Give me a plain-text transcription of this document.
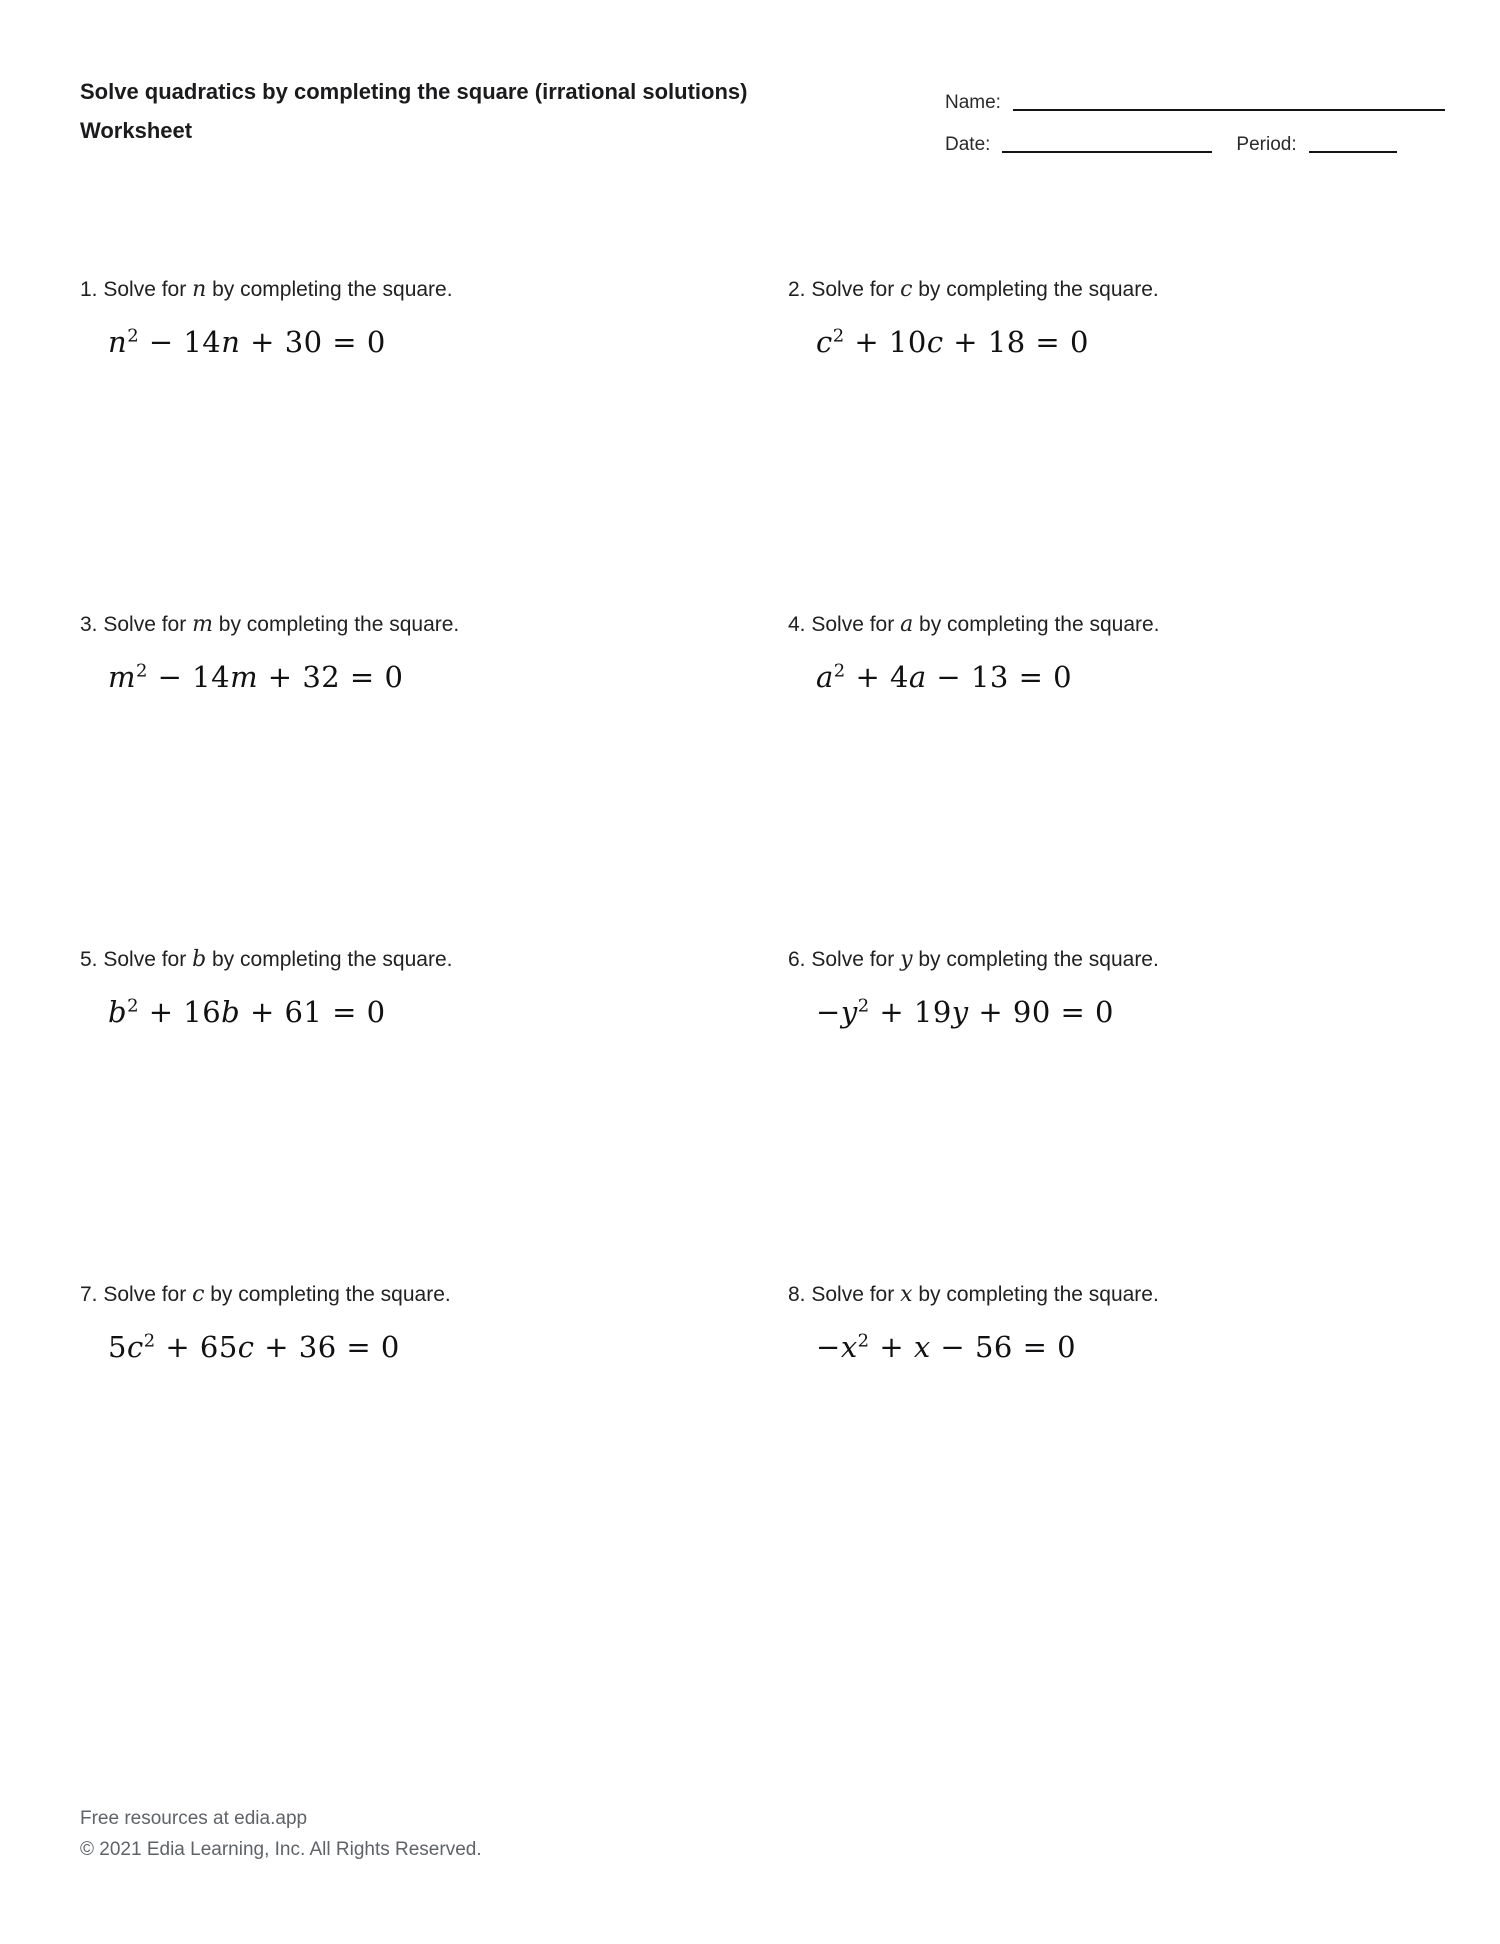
Solve quadratics by completing the square (irrational solutions)
Worksheet
Name:
Date:	Period:
1. Solve for n by completing the square.
$n^2 - 14n + 30 = 0$
2. Solve for c by completing the square.
$c^2 + 10c + 18 = 0$
3. Solve for m by completing the square.
$m^2 - 14m + 32 = 0$
4. Solve for a by completing the square.
$a^2 + 4a - 13 = 0$
5. Solve for b by completing the square.
$b^2 + 16b + 61 = 0$
6. Solve for y by completing the square.
$-y^2 + 19y + 90 = 0$
7. Solve for c by completing the square.
$5c^2 + 65c + 36 = 0$
8. Solve for x by completing the square.
$-x^2 + x - 56 = 0$
Free resources at edia.app
© 2021 Edia Learning, Inc. All Rights Reserved.
